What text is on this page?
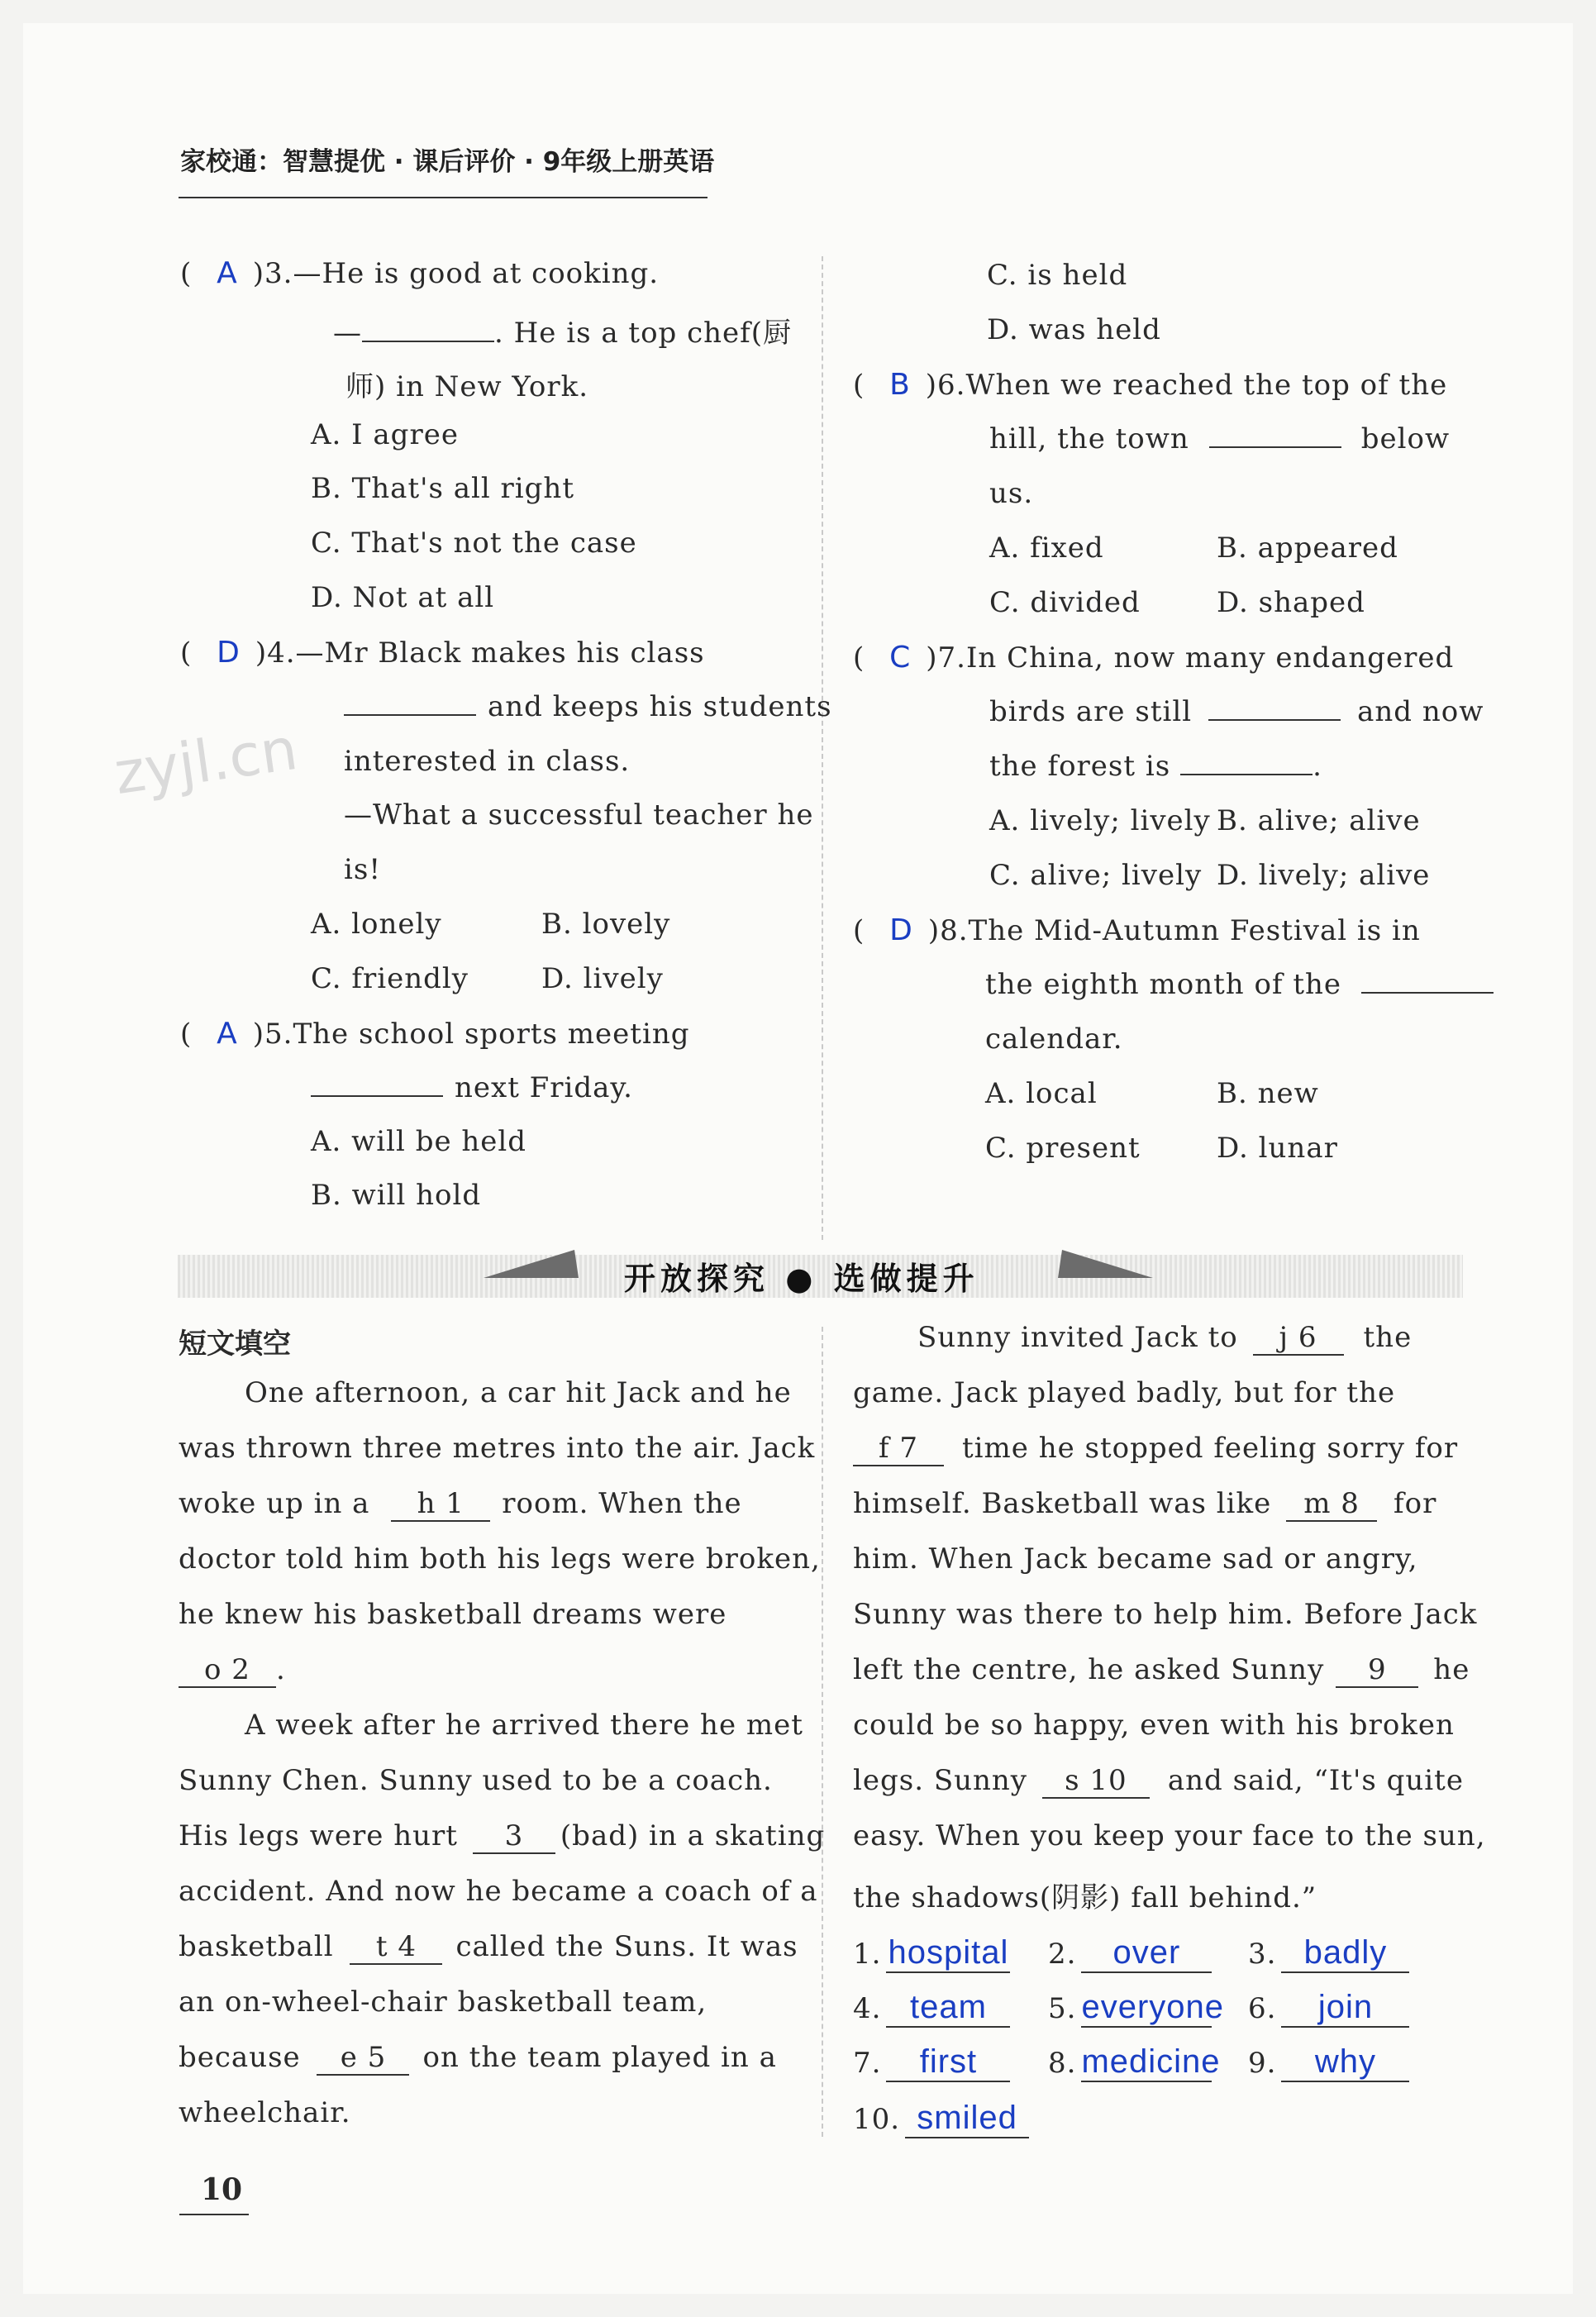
家校通：智慧提优 · 课后评价 · 9年级上册英语
zyjl.cn
( A )3.—He is good at cooking.
—	. He is a top chef(厨
师) in New York.
A. I agree
B. That's all right
C. That's not the case
D. Not at all
( D )4.—Mr Black makes his class
and keeps his students
interested in class.
—What a successful teacher he
is!
A. lonely	B. lovely
C. friendly	D. lively
( A )5.The school sports meeting
next Friday.
A. will be held
B. will hold
C. is held
D. was held
( B )6.When we reached the top of the
hill, the town	below
us.
A. fixed	B. appeared
C. divided	D. shaped
( C )7.In China, now many endangered
birds are still	and now
the forest is	.
A. lively; lively B. alive; alive
C. alive; lively D. lively; alive
( D )8.The Mid-Autumn Festival is in
the eighth month of the
calendar.
A. local	B. new
C. present	D. lunar
开放探究 ● 选做提升
短文填空
One afternoon, a car hit Jack and he
was thrown three metres into the air. Jack
woke up in a h 1 room. When the
doctor told him both his legs were broken,
he knew his basketball dreams were
o 2 .
A week after he arrived there he met
Sunny Chen. Sunny used to be a coach.
His legs were hurt 3 (bad) in a skating
accident. And now he became a coach of a
basketball t 4 called the Suns. It was
an on-wheel-chair basketball team,
because e 5 on the team played in a
wheelchair.
Sunny invited Jack to j 6 the
game. Jack played badly, but for the
f 7 time he stopped feeling sorry for
himself. Basketball was like m 8 for
him. When Jack became sad or angry,
Sunny was there to help him. Before Jack
left the centre, he asked Sunny 9 he
could be so happy, even with his broken
legs. Sunny s 10 and said, “It's quite
easy. When you keep your face to the sun,
the shadows(阴影) fall behind.”
1. hospital 2. over	3. badly
4. team	5. everyone 6. join
7. first	8. medicine 9. why
10. smiled
10
